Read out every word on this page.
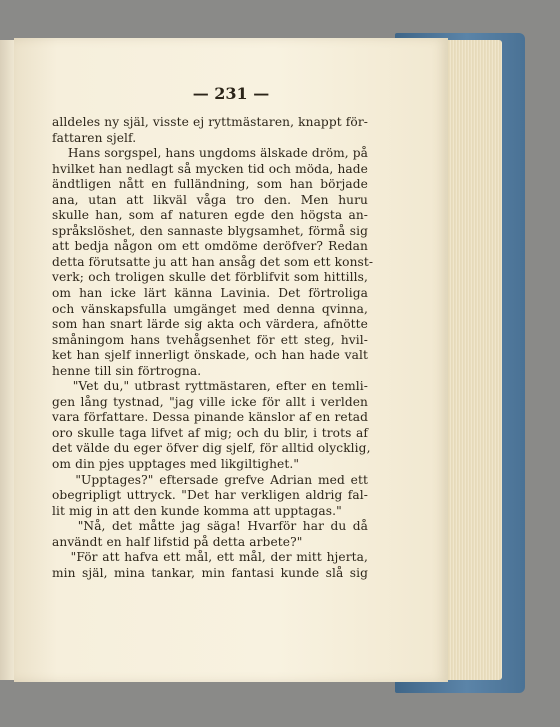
— 231 —
alldeles ny själ, visste ej ryttmästaren, knappt för-
fattaren sjelf.
Hans sorgspel, hans ungdoms älskade dröm, på
hvilket han nedlagt så mycken tid och möda, hade
ändtligen nått en fulländning, som han började
ana, utan att likväl våga tro den. Men huru
skulle han, som af naturen egde den högsta an-
språkslöshet, den sannaste blygsamhet, förmå sig
att bedja någon om ett omdöme deröfver? Redan
detta förutsatte ju att han ansåg det som ett konst-
verk; och troligen skulle det förblifvit som hittills,
om han icke lärt känna Lavinia. Det förtroliga
och vänskapsfulla umgänget med denna qvinna,
som han snart lärde sig akta och värdera, afnötte
småningom hans tvehågsenhet för ett steg, hvil-
ket han sjelf innerligt önskade, och han hade valt
henne till sin förtrogna.
"Vet du," utbrast ryttmästaren, efter en temli-
gen lång tystnad, "jag ville icke för allt i verlden
vara författare. Dessa pinande känslor af en retad
oro skulle taga lifvet af mig; och du blir, i trots af
det välde du eger öfver dig sjelf, för alltid olycklig,
om din pjes upptages med likgiltighet."
"Upptages?" eftersade grefve Adrian med ett
obegripligt uttryck. "Det har verkligen aldrig fal-
lit mig in att den kunde komma att upptagas."
"Nå, det måtte jag säga! Hvarför har du då
användt en half lifstid på detta arbete?"
"För att hafva ett mål, ett mål, der mitt hjerta,
min själ, mina tankar, min fantasi kunde slå sig
